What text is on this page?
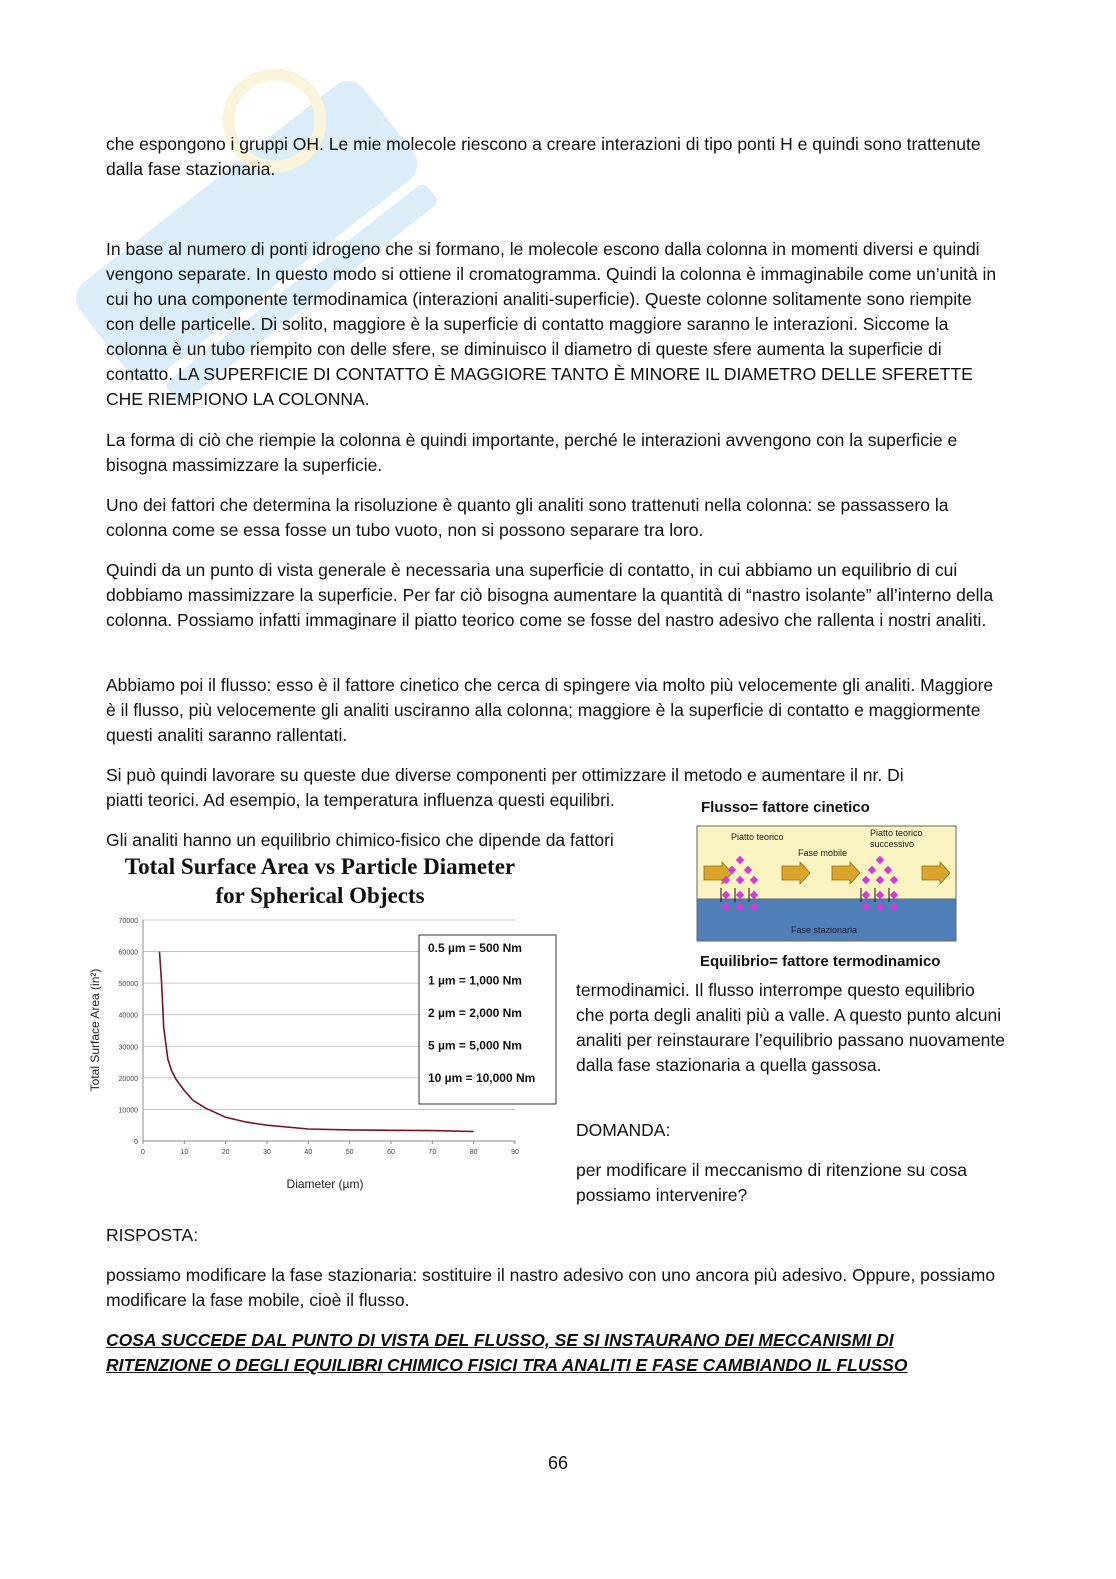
che espongono i gruppi OH. Le mie molecole riescono a creare interazioni di tipo ponti H e quindi sono trattenute dalla fase stazionaria.

In base al numero di ponti idrogeno che si formano, le molecole escono dalla colonna in momenti diversi e quindi vengono separate. In questo modo si ottiene il cromatogramma. Quindi la colonna è immaginabile come un’unità in cui ho una componente termodinamica (interazioni analiti-superficie). Queste colonne solitamente sono riempite con delle particelle. Di solito, maggiore è la superficie di contatto maggiore saranno le interazioni. Siccome la colonna è un tubo riempito con delle sfere, se diminuisco il diametro di queste sfere aumenta la superficie di contatto. LA SUPERFICIE DI CONTATTO È MAGGIORE TANTO È MINORE IL DIAMETRO DELLE SFERETTE CHE RIEMPIONO LA COLONNA.

La forma di ciò che riempie la colonna è quindi importante, perché le interazioni avvengono con la superficie e bisogna massimizzare la superficie.

Uno dei fattori che determina la risoluzione è quanto gli analiti sono trattenuti nella colonna: se passassero la colonna come se essa fosse un tubo vuoto, non si possono separare tra loro.

Quindi da un punto di vista generale è necessaria una superficie di contatto, in cui abbiamo un equilibrio di cui dobbiamo massimizzare la superficie. Per far ciò bisogna aumentare la quantità di “nastro isolante” all’interno della colonna. Possiamo infatti immaginare il piatto teorico come se fosse del nastro adesivo che rallenta i nostri analiti.

Abbiamo poi il flusso: esso è il fattore cinetico che cerca di spingere via molto più velocemente gli analiti. Maggiore è il flusso, più velocemente gli analiti usciranno alla colonna; maggiore è la superficie di contatto e maggiormente questi analiti saranno rallentati.

Si può quindi lavorare su queste due diverse componenti per ottimizzare il metodo e aumentare il nr. Di

piatti teorici. Ad esempio, la temperatura influenza questi equilibri.

Gli analiti hanno un equilibrio chimico-fisico che dipende da fattori

Flusso= fattore cinetico
Piatto teorico	Piatto teorico
successivo
Fase mobile
Fase stazionaria
Equilibrio= fattore termodinamico
Total Surface Area vs Particle Diameter
for Spherical Objects
Total Surface Area (in²)
Diameter (µm)
0
10000
20000
30000
40000
50000
60000
70000
0	10	20	30	40	50	60	70	80	90
0.5 µm = 500 Nm
1 µm = 1,000 Nm
2 µm = 2,000 Nm
5 µm = 5,000 Nm
10 µm = 10,000 Nm

termodinamici. Il flusso interrompe questo equilibrio che porta degli analiti più a valle. A questo punto alcuni analiti per reinstaurare l’equilibrio passano nuovamente dalla fase stazionaria a quella gassosa.

DOMANDA:

per modificare il meccanismo di ritenzione su cosa possiamo intervenire?

RISPOSTA:

possiamo modificare la fase stazionaria: sostituire il nastro adesivo con uno ancora più adesivo. Oppure, possiamo modificare la fase mobile, cioè il flusso.

COSA SUCCEDE DAL PUNTO DI VISTA DEL FLUSSO, SE SI INSTAURANO DEI MECCANISMI DI RITENZIONE O DEGLI EQUILIBRI CHIMICO FISICI TRA ANALITI E FASE CAMBIANDO IL FLUSSO

66
